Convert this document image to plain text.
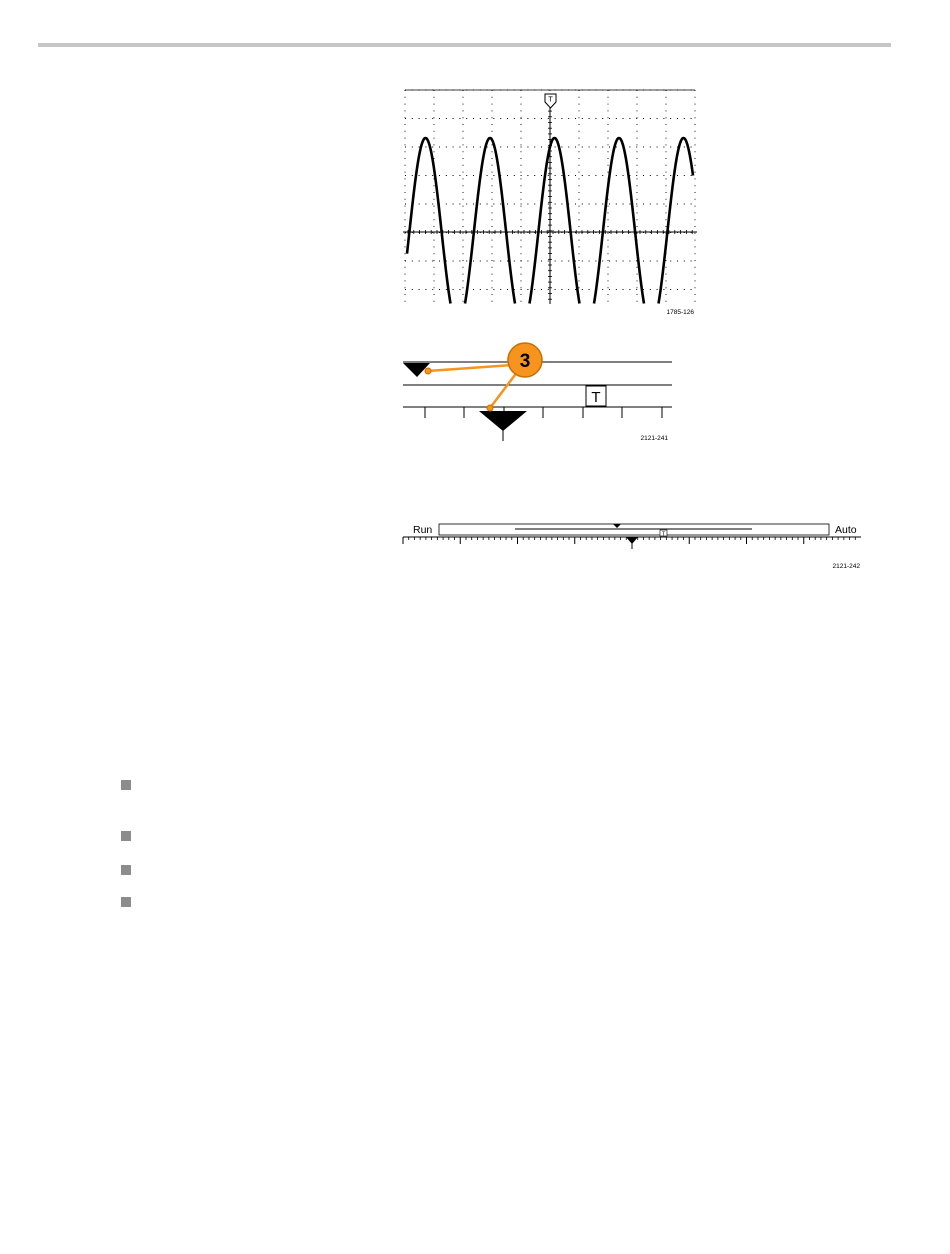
T
1785-126
T
3
2121-241
Run	Auto
T
2121-242
